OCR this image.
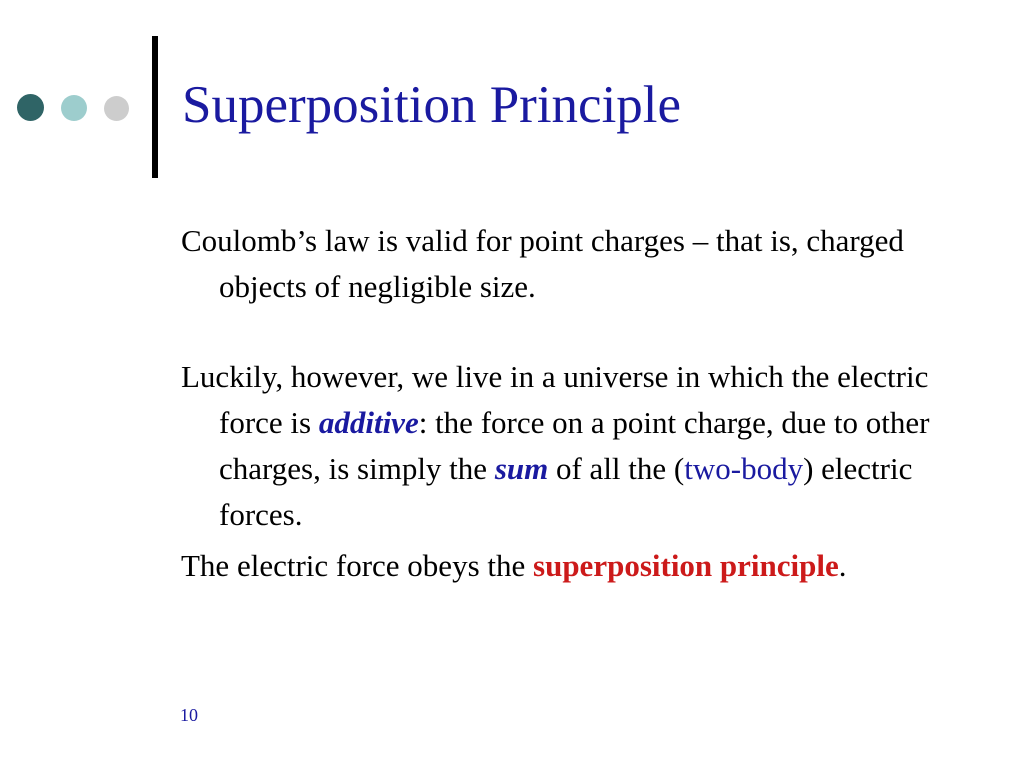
Superposition Principle

Coulomb’s law is valid for point charges – that is, charged objects of negligible size.

Luckily, however, we live in a universe in which the electric force is additive: the force on a point charge, due to other charges, is simply the sum of all the (two-body) electric forces.

The electric force obeys the superposition principle.

10
